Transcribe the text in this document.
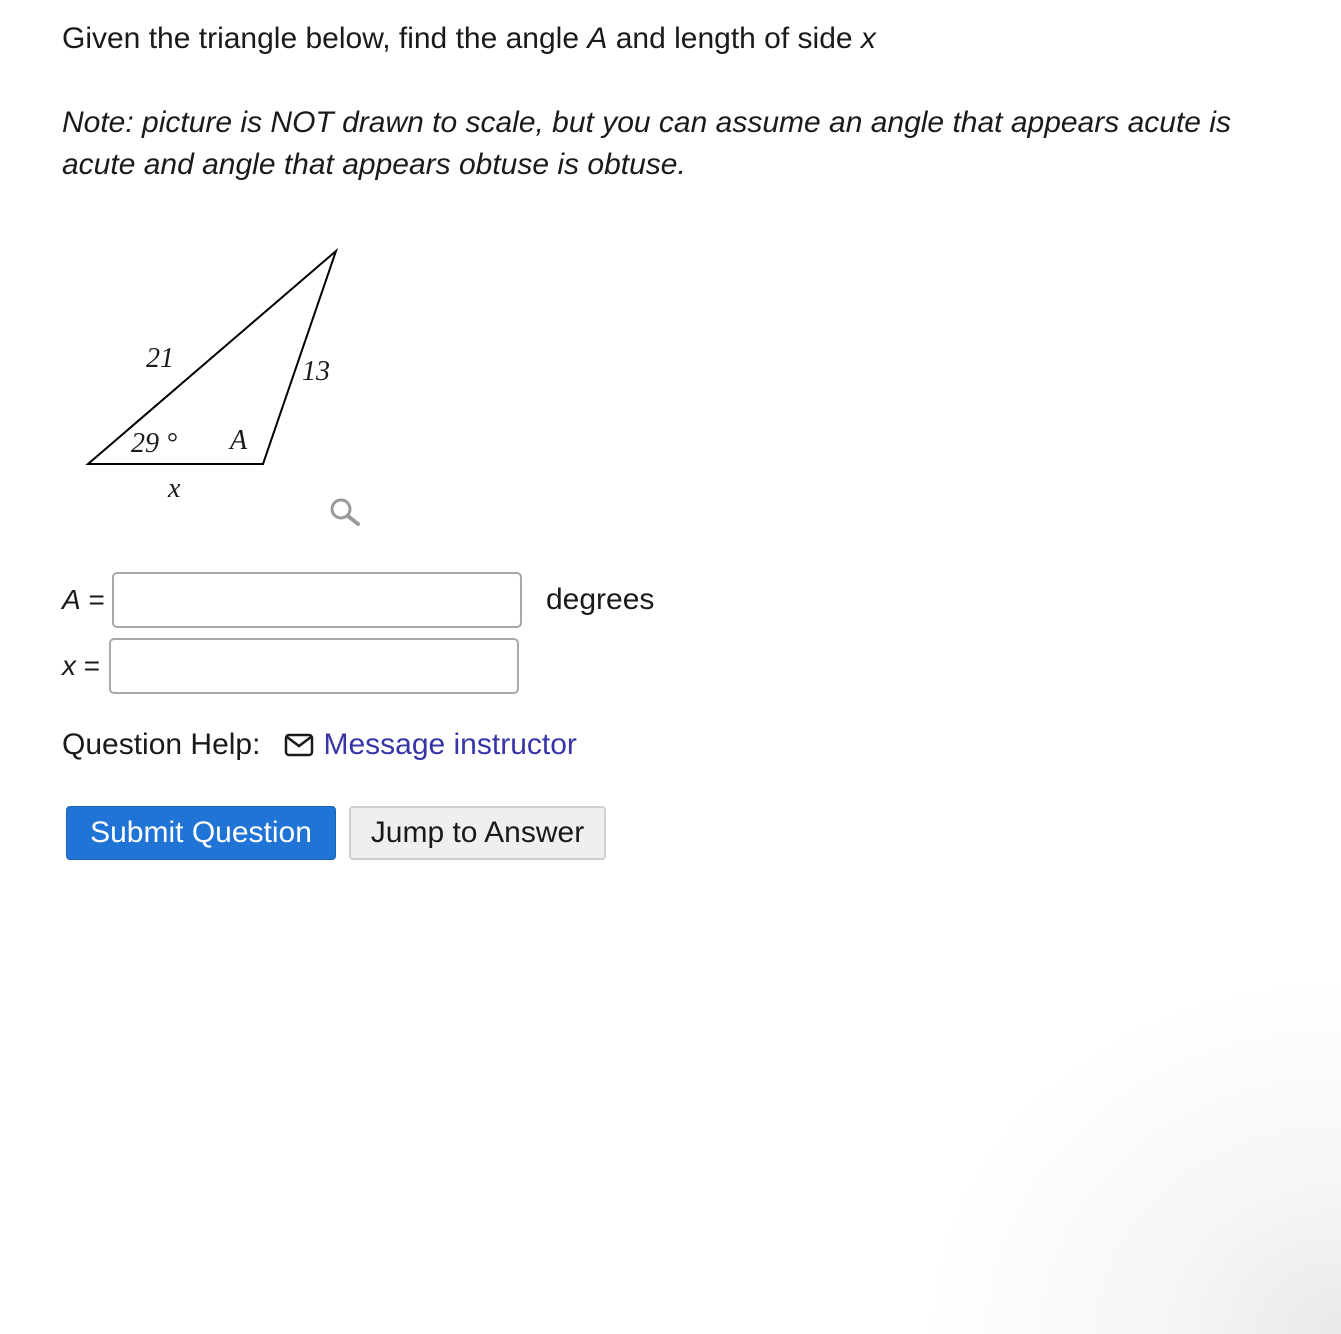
Given the triangle below, find the angle A and length of side x

Note: picture is NOT drawn to scale, but you can assume an angle that appears acute is acute and angle that appears obtuse is obtuse.

21	13
29 ° A
x
A =	degrees
x =
Question Help: Message instructor
Submit Question	Jump to Answer
